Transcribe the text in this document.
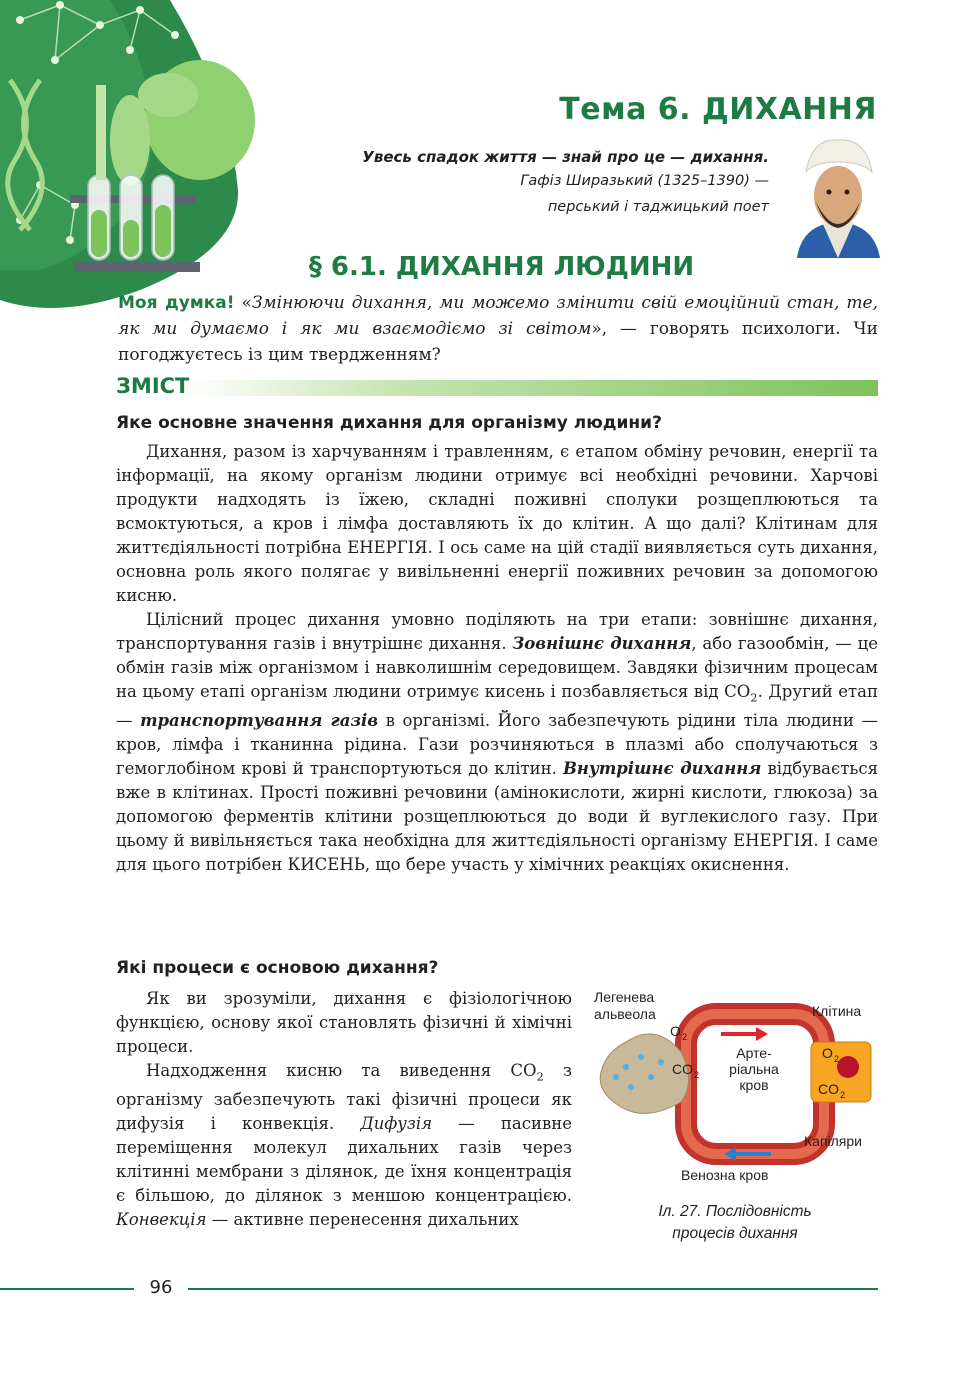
Тема 6. ДИХАННЯ
Увесь спадок життя — знай про це — дихання.
Гафіз Ширазький (1325–1390) —
перський і таджицький поет
§ 6.1. ДИХАННЯ ЛЮДИНИ
Моя думка! «Змінюючи дихання, ми можемо змінити свій емоційний стан, те, як ми думаємо і як ми взаємодіємо зі світом», — говорять психологи. Чи погоджуєтесь із цим твердженням?
ЗМІСТ
Яке основне значення дихання для організму людини?

Дихання, разом із харчуванням і травленням, є етапом обміну речовин, енергії та інформації, на якому організм людини отримує всі необхідні речовини. Харчові продукти надходять із їжею, складні поживні сполуки розщеплюються та всмоктуються, а кров і лімфа доставляють їх до клітин. А що далі? Клітинам для життєдіяльності потрібна ЕНЕРГІЯ. І ось саме на цій стадії виявляється суть дихання, основна роль якого полягає у вивільненні енергії поживних речовин за допомогою кисню.

Цілісний процес дихання умовно поділяють на три етапи: зовнішнє дихання, транспортування газів і внутрішнє дихання. Зовнішнє дихання, або газообмін, — це обмін газів між організмом і навколишнім середовищем. Завдяки фізичним процесам на цьому етапі організм людини отримує кисень і позбавляється від $CO_2$. Другий етап — транспортування газів в організмі. Його забезпечують рідини тіла людини — кров, лімфа і тканинна рідина. Гази розчиняються в плазмі або сполучаються з гемоглобіном крові й транспортуються до клітин. Внутрішнє дихання відбувається вже в клітинах. Прості поживні речовини (амінокислоти, жирні кислоти, глюкоза) за допомогою ферментів клітини розщеплюються до води й вуглекислого газу. При цьому й вивільняється така необхідна для життєдіяльності організму ЕНЕРГІЯ. І саме для цього потрібен КИСЕНЬ, що бере участь у хімічних реакціях окиснення.

Які процеси є основою дихання?

Як ви зрозуміли, дихання є фізіологічною функцією, основу якої становлять фізичні й хімічні процеси.

Надходження кисню та виведення $CO_2$ з організму забезпечують такі фізичні процеси як дифузія і конвекція. Дифузія — пасивне переміщення молекул дихальних газів через клітинні мембрани з ділянок, де їхня концентрація є більшою, до ділянок з меншою концентрацією. Конвекція — активне перенесення дихальних

Легенева
альвеола	Клітина
O 2
CO 2
Арте-
ріальна
кров
O 2
CO 2
Капіляри
Венозна кров
Іл. 27. Послідовність
процесів дихання
96
